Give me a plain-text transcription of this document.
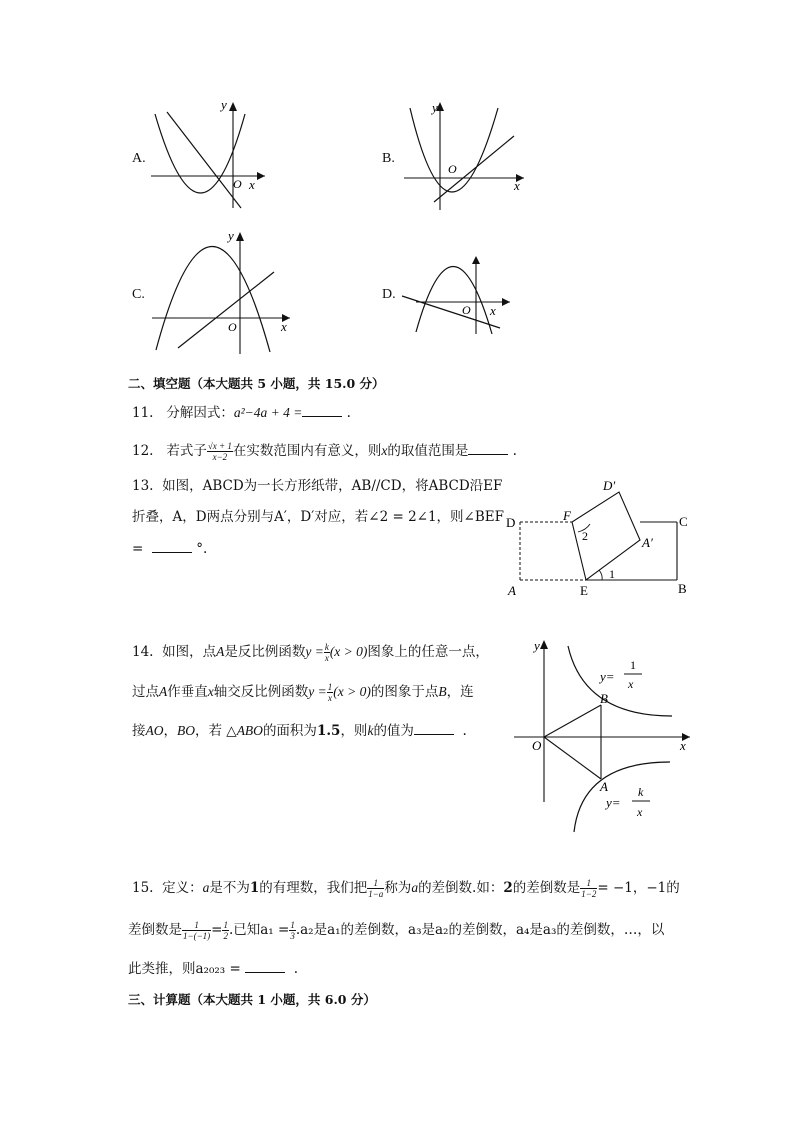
A.
y
x
O
B.
y
x
O
C.
y
x
O
D.
x
O
二、填空题（本大题共 5 小题，共 15.0 分）
11. 分解因式：a²−4a + 4 =	.
12. 若式子 $\frac{√x + 1}{x-2}$ 在实数范围内有意义，则x的取值范围是	.
13. 如图，ABCD为一长方形纸带，AB//CD，将ABCD沿EF
折叠，A，D两点分别与A′，D′对应，若∠2 = 2∠1，则∠BEF
=	°.
D
A	E	B
C
F
D′
A′
1
2
14. 如图，点A是反比例函数$y = \frac{k}{x} (x > 0)$图象上的任意一点，
过点A作垂直x轴交反比例函数$y = \frac{1}{x} (x > 0)$的图象于点B，连
接AO，BO，若 △ABO的面积为1.5，则k的值为	.
y
x
O
B
A
y=
1
x
y=
k
x
15. 定义：a是不为1的有理数，我们把 $\frac{1}{1-a}$ 称为a的差倒数.如：2的差倒数是 $\frac{1}{1-2} = -1$，−1的
差倒数是 $\frac{1}{1-(-1)} = \frac{1}{2}$ .已知$a_1 = \frac{1}{3} .a_2$是a₁的差倒数，a₃是a₂的差倒数，a₄是a₃的差倒数，…，以
此类推，则a₂₀₂₃ =	.
三、计算题（本大题共 1 小题，共 6.0 分）
